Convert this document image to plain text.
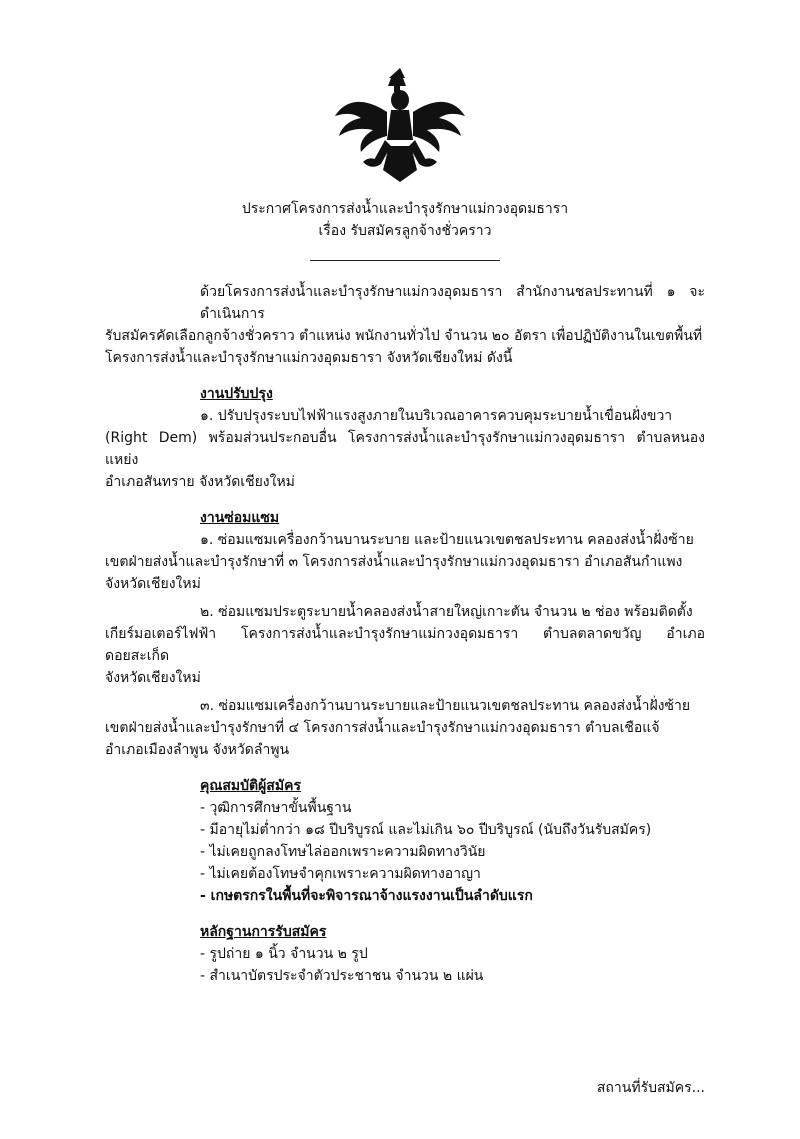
ประกาศโครงการส่งน้ำและบำรุงรักษาแม่กวงอุดมธารา
เรื่อง รับสมัครลูกจ้างชั่วคราว
ด้วยโครงการส่งน้ำและบำรุงรักษาแม่กวงอุดมธารา สำนักงานชลประทานที่ ๑ จะดำเนินการ
รับสมัครคัดเลือกลูกจ้างชั่วคราว ตำแหน่ง พนักงานทั่วไป จำนวน ๒๐ อัตรา เพื่อปฏิบัติงานในเขตพื้นที่
โครงการส่งน้ำและบำรุงรักษาแม่กวงอุดมธารา จังหวัดเชียงใหม่ ดังนี้
งานปรับปรุง
๑. ปรับปรุงระบบไฟฟ้าแรงสูงภายในบริเวณอาคารควบคุมระบายน้ำเขื่อนฝั่งขวา
(Right Dem) พร้อมส่วนประกอบอื่น โครงการส่งน้ำและบำรุงรักษาแม่กวงอุดมธารา ตำบลหนองแหย่ง
อำเภอสันทราย จังหวัดเชียงใหม่
งานซ่อมแซม
๑. ซ่อมแซมเครื่องกว้านบานระบาย และป้ายแนวเขตชลประทาน คลองส่งน้ำฝั่งซ้าย
เขตฝ่ายส่งน้ำและบำรุงรักษาที่ ๓ โครงการส่งน้ำและบำรุงรักษาแม่กวงอุดมธารา อำเภอสันกำแพง
จังหวัดเชียงใหม่
๒. ซ่อมแซมประตูระบายน้ำคลองส่งน้ำสายใหญ่เกาะตัน จำนวน ๒ ช่อง พร้อมติดตั้ง
เกียร์มอเตอร์ไฟฟ้า โครงการส่งน้ำและบำรุงรักษาแม่กวงอุดมธารา ตำบลตลาดขวัญ อำเภอดอยสะเก็ด
จังหวัดเชียงใหม่
๓. ซ่อมแซมเครื่องกว้านบานระบายและป้ายแนวเขตชลประทาน คลองส่งน้ำฝั่งซ้าย
เขตฝ่ายส่งน้ำและบำรุงรักษาที่ ๔ โครงการส่งน้ำและบำรุงรักษาแม่กวงอุดมธารา ตำบลเชือแจ้
อำเภอเมืองลำพูน จังหวัดลำพูน
คุณสมบัติผู้สมัคร
- วุฒิการศึกษาขั้นพื้นฐาน
- มีอายุไม่ต่ำกว่า ๑๘ ปีบริบูรณ์ และไม่เกิน ๖๐ ปีบริบูรณ์ (นับถึงวันรับสมัคร)
- ไม่เคยถูกลงโทษไล่ออกเพราะความผิดทางวินัย
- ไม่เคยต้องโทษจำคุกเพราะความผิดทางอาญา
- เกษตรกรในพื้นที่จะพิจารณาจ้างแรงงานเป็นลำดับแรก
หลักฐานการรับสมัคร
- รูปถ่าย ๑ นิ้ว จำนวน ๒ รูป
- สำเนาบัตรประจำตัวประชาชน จำนวน ๒ แผ่น
สถานที่รับสมัคร...
